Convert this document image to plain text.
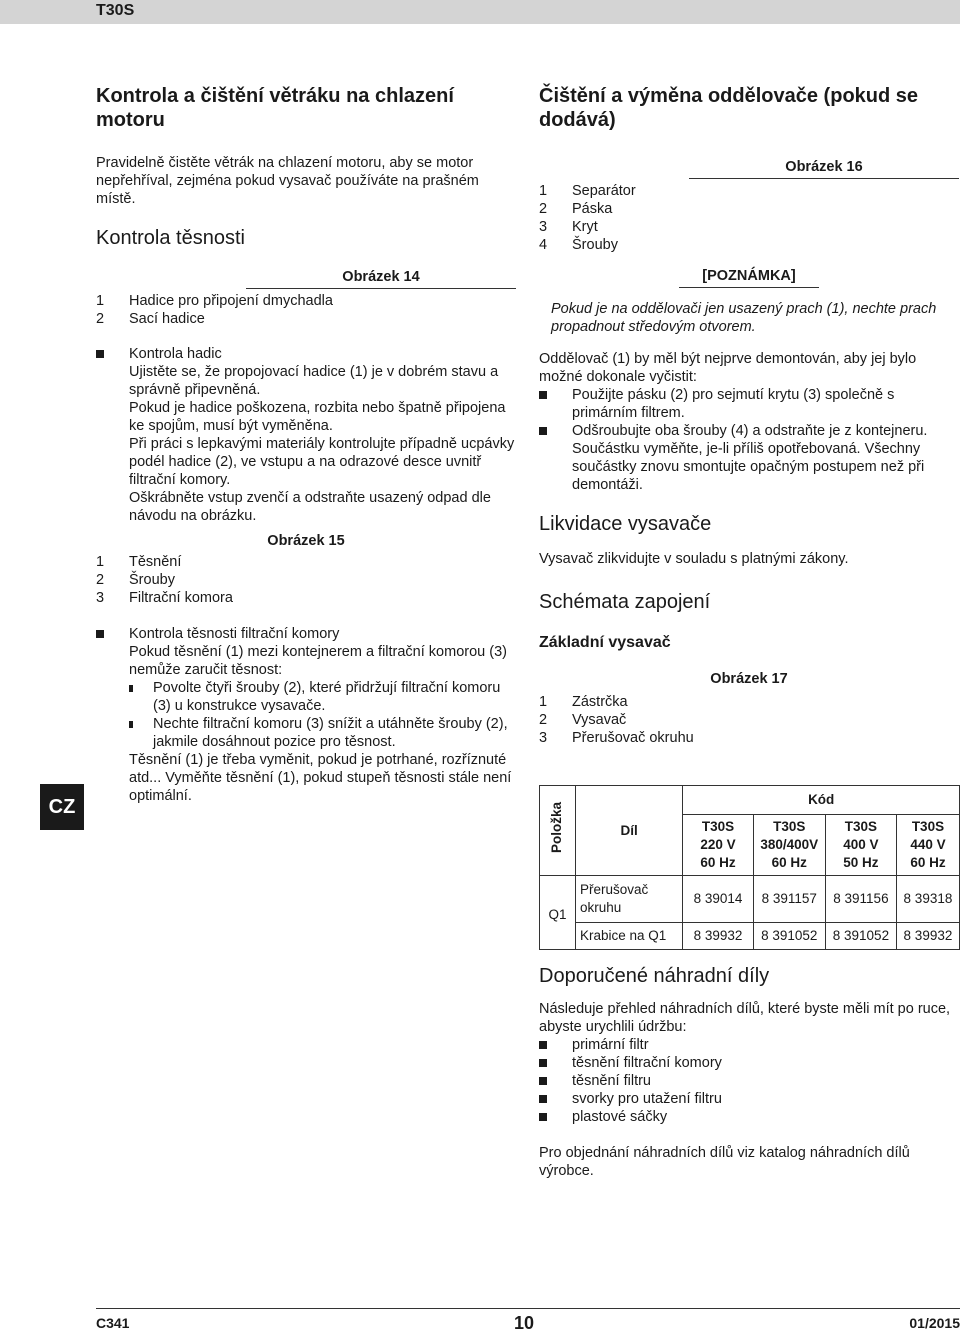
T30S
Kontrola a čištění větráku na chlazení motoru

Pravidelně čistěte větrák na chlazení motoru, aby se motor nepřehříval, zejména pokud vysavač používáte na prašném místě.

Kontrola těsnosti
Obrázek 14
1	Hadice pro připojení dmychadla
2	Sací hadice

Kontrola hadic

Ujistěte se, že propojovací hadice (1) je v dobrém stavu a správně připevněná.

Pokud je hadice poškozena, rozbita nebo špatně připojena ke spojům, musí být vyměněna.

Při práci s lepkavými materiály kontrolujte případně ucpávky podél hadice (2), ve vstupu a na odrazové desce uvnitř filtrační komory.

Oškrábněte vstup zvenčí a odstraňte usazený odpad dle návodu na obrázku.

Obrázek 15
1	Těsnění
2	Šrouby
3	Filtrační komora

Kontrola těsnosti filtrační komory

Pokud těsnění (1) mezi kontejnerem a filtrační komorou (3) nemůže zaručit těsnost:

Povolte čtyři šrouby (2), které přidržují filtrační komoru (3) u konstrukce vysavače.

Nechte filtrační komoru (3) snížit a utáhněte šrouby (2), jakmile dosáhnout pozice pro těsnost.

Těsnění (1) je třeba vyměnit, pokud je potrhané, rozříznuté atd... Vyměňte těsnění (1), pokud stupeň těsnosti stále není optimální.

Čištění a výměna oddělovače (pokud se dodává)
Obrázek 16
1	Separátor
2	Páska
3	Kryt
4	Šrouby
[POZNÁMKA]

Pokud je na oddělovači jen usazený prach (1), nechte prach propadnout středovým otvorem.

Oddělovač (1) by měl být nejprve demontován, aby jej bylo možné dokonale vyčistit:

Použijte pásku (2) pro sejmutí krytu (3) společně s primárním filtrem.

Odšroubujte oba šrouby (4) a odstraňte je z kontejneru. Součástku vyměňte, je-li příliš opotřebovaná. Všechny součástky znovu smontujte opačným postupem než při demontáži.

Likvidace vysavače

Vysavač zlikvidujte v souladu s platnými zákony.

Schémata zapojení
Základní vysavač
Obrázek 17
1	Zástrčka
2	Vysavač
3	Přerušovač okruhu
Položka	Díl	Kód			
		T30S
220 V
60 Hz	T30S
380/400V
60 Hz	T30S
400 V
50 Hz	T30S
440 V
60 Hz
Q1	Přerušovač okruhu	8 39014	8 391157	8 391156	8 39318
	Krabice na Q1	8 39932	8 391052	8 391052	8 39932
Doporučené náhradní díly

Následuje přehled náhradních dílů, které byste měli mít po ruce, abyste urychlili údržbu:

primární filtr
těsnění filtrační komory
těsnění filtru
svorky pro utažení filtru
plastové sáčky

Pro objednání náhradních dílů viz katalog náhradních dílů výrobce.

CZ
C341	10	01/2015
